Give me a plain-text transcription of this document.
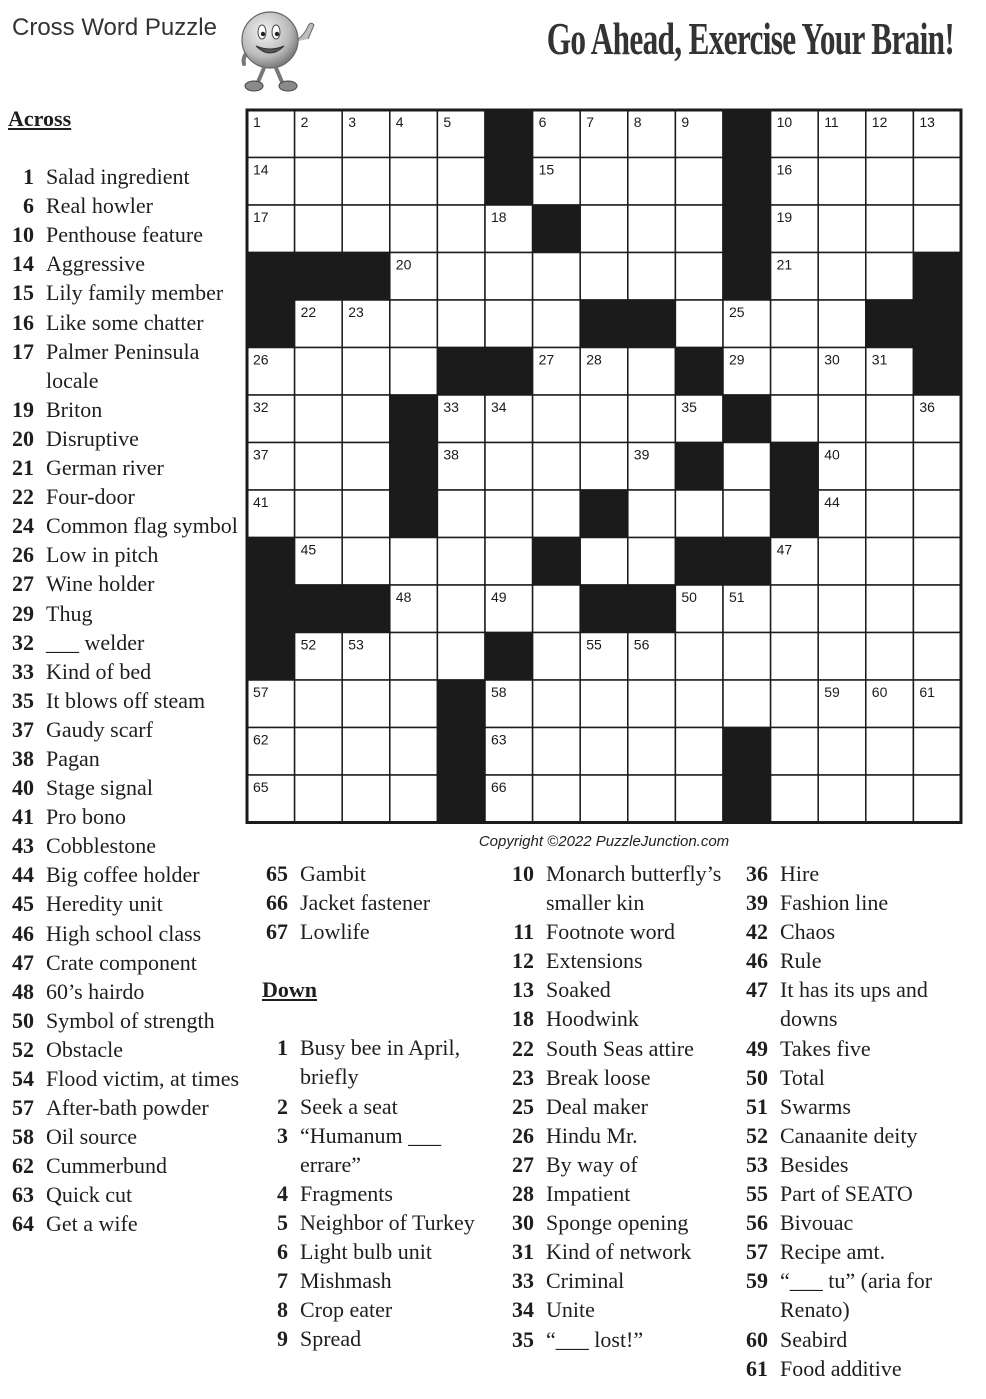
Cross Word Puzzle	Go Ahead, Exercise Your Brain!
Across
1 Salad ingredient
6 Real howler
10 Penthouse feature
14 Aggressive
15 Lily family member
16 Like some chatter
17 Palmer Peninsula locale
19 Briton
20 Disruptive
21 German river
22 Four-door
24 Common flag symbol
26 Low in pitch
27 Wine holder
29 Thug
32 ___ welder
33 Kind of bed
35 It blows off steam
37 Gaudy scarf
38 Pagan
40 Stage signal
41 Pro bono
43 Cobblestone
44 Big coffee holder
45 Heredity unit
46 High school class
47 Crate component
48 60’s hairdo
50 Symbol of strength
52 Obstacle
54 Flood victim, at times
57 After-bath powder
58 Oil source
62 Cummerbund
63 Quick cut
64 Get a wife
1	2	3	4	5	6	7	8	9	10 11 12 13
14	15	16
17	18	19
20	21
22 23	24	25
26	27 28	29	30 31
32	33 34	35	36
37	38	39	40
41	42	43	44
45	46	47
48	49	50 51
52 53	54	55 56
57	58	59 60 61
62	63	64
65	66	67
Copyright ©2022 PuzzleJunction.com
65 Gambit
66 Jacket fastener
67 Lowlife
Down
1 Busy bee in April, briefly
2 Seek a seat
3 “Humanum ___ errare”
4 Fragments
5 Neighbor of Turkey
6 Light bulb unit
7 Mishmash
8 Crop eater
9 Spread
10 Monarch butterfly’s smaller kin
11 Footnote word
12 Extensions
13 Soaked
18 Hoodwink
22 South Seas attire
23 Break loose
25 Deal maker
26 Hindu Mr.
27 By way of
28 Impatient
30 Sponge opening
31 Kind of network
33 Criminal
34 Unite
35 “___ lost!”
36 Hire
39 Fashion line
42 Chaos
46 Rule
47 It has its ups and downs
49 Takes five
50 Total
51 Swarms
52 Canaanite deity
53 Besides
55 Part of SEATO
56 Bivouac
57 Recipe amt.
59 “___ tu” (aria for Renato)
60 Seabird
61 Food additive
